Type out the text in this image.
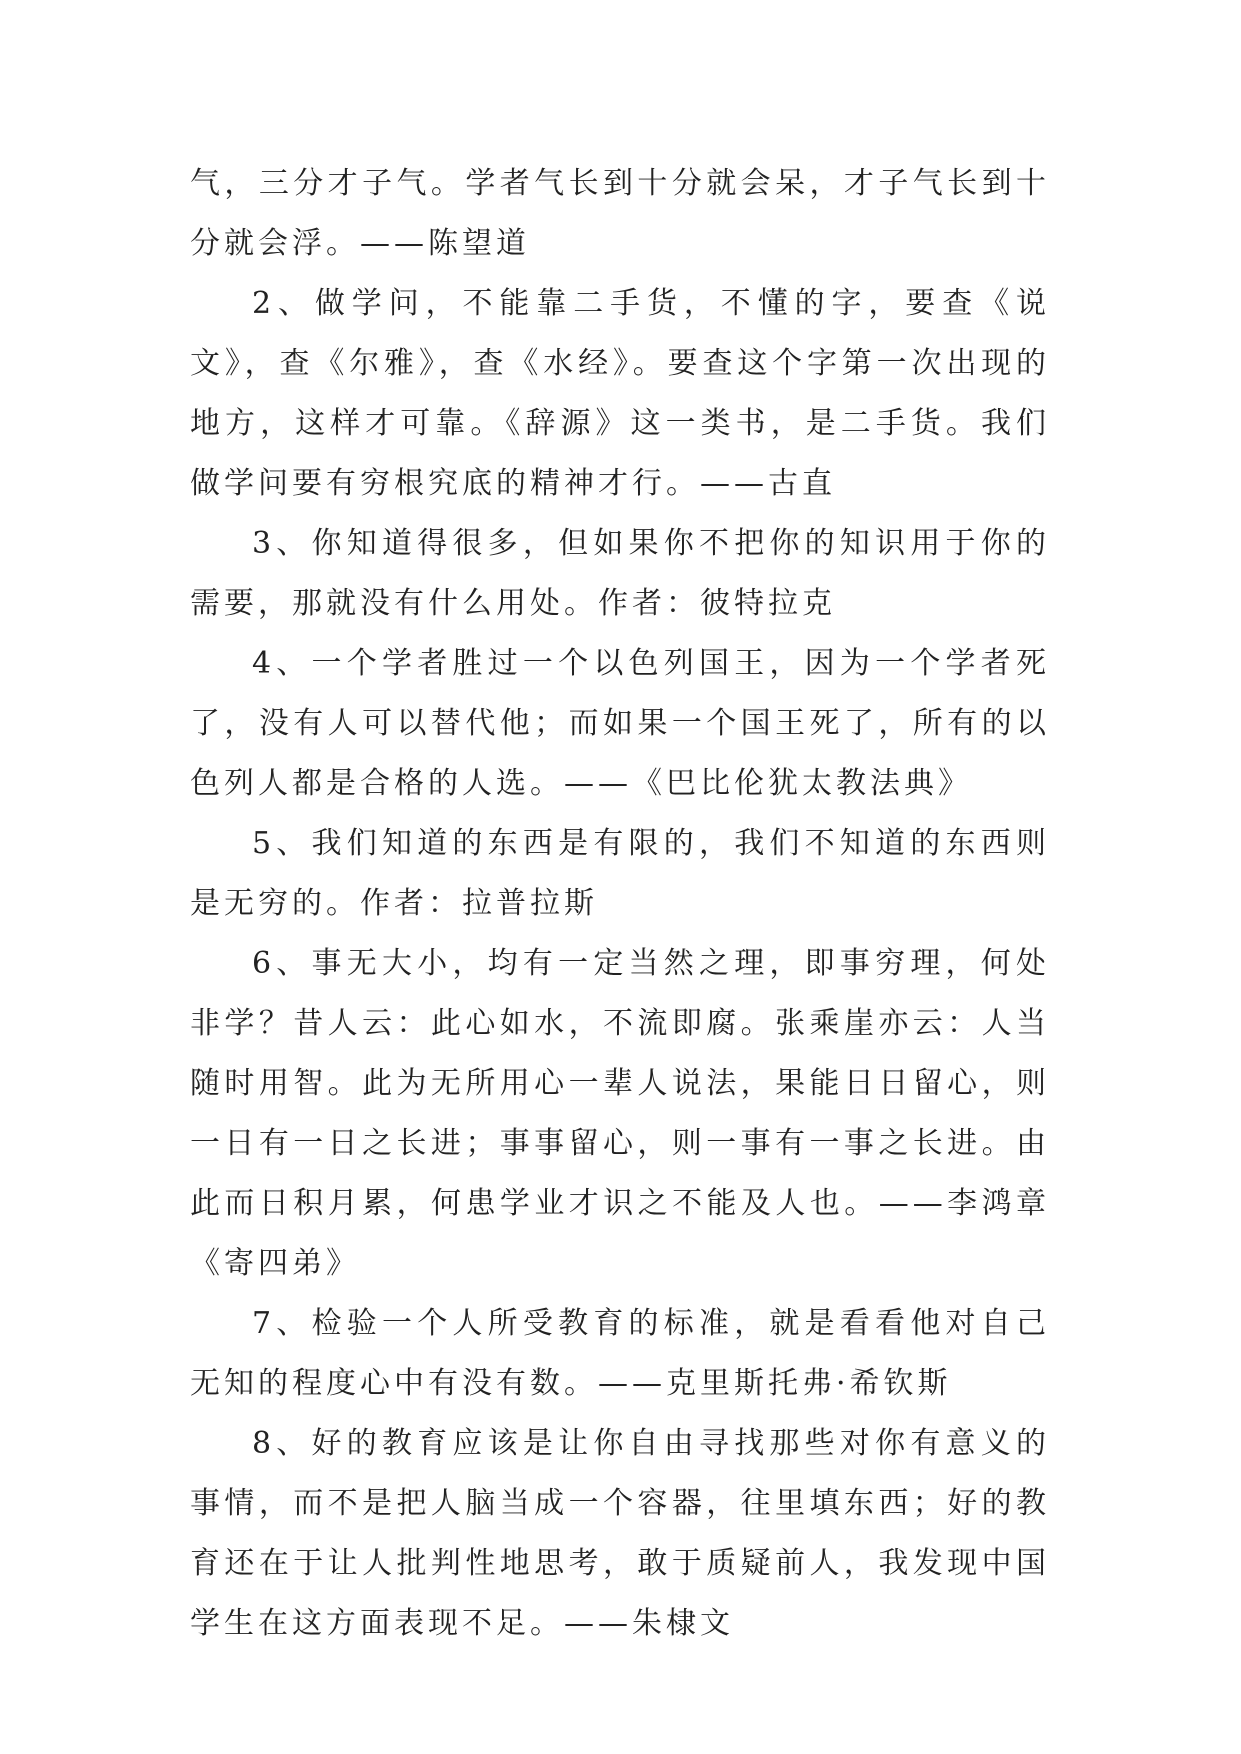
气，三分才子气。学者气长到十分就会呆，才子气长到十分就会浮。——陈望道

2、做学问，不能靠二手货，不懂的字，要查《说文》，查《尔雅》，查《水经》。要查这个字第一次出现的地方，这样才可靠。《辞源》这一类书，是二手货。我们做学问要有穷根究底的精神才行。——古直

3、你知道得很多，但如果你不把你的知识用于你的需要，那就没有什么用处。作者：彼特拉克

4、一个学者胜过一个以色列国王，因为一个学者死了，没有人可以替代他；而如果一个国王死了，所有的以色列人都是合格的人选。——《巴比伦犹太教法典》

5、我们知道的东西是有限的，我们不知道的东西则是无穷的。作者：拉普拉斯

6、事无大小，均有一定当然之理，即事穷理，何处非学？昔人云：此心如水，不流即腐。张乘崖亦云：人当随时用智。此为无所用心一辈人说法，果能日日留心，则一日有一日之长进；事事留心，则一事有一事之长进。由此而日积月累，何患学业才识之不能及人也。——李鸿章《寄四弟》

7、检验一个人所受教育的标准，就是看看他对自己无知的程度心中有没有数。——克里斯托弗·希钦斯

8、好的教育应该是让你自由寻找那些对你有意义的事情，而不是把人脑当成一个容器，往里填东西；好的教育还在于让人批判性地思考，敢于质疑前人，我发现中国学生在这方面表现不足。——朱棣文
